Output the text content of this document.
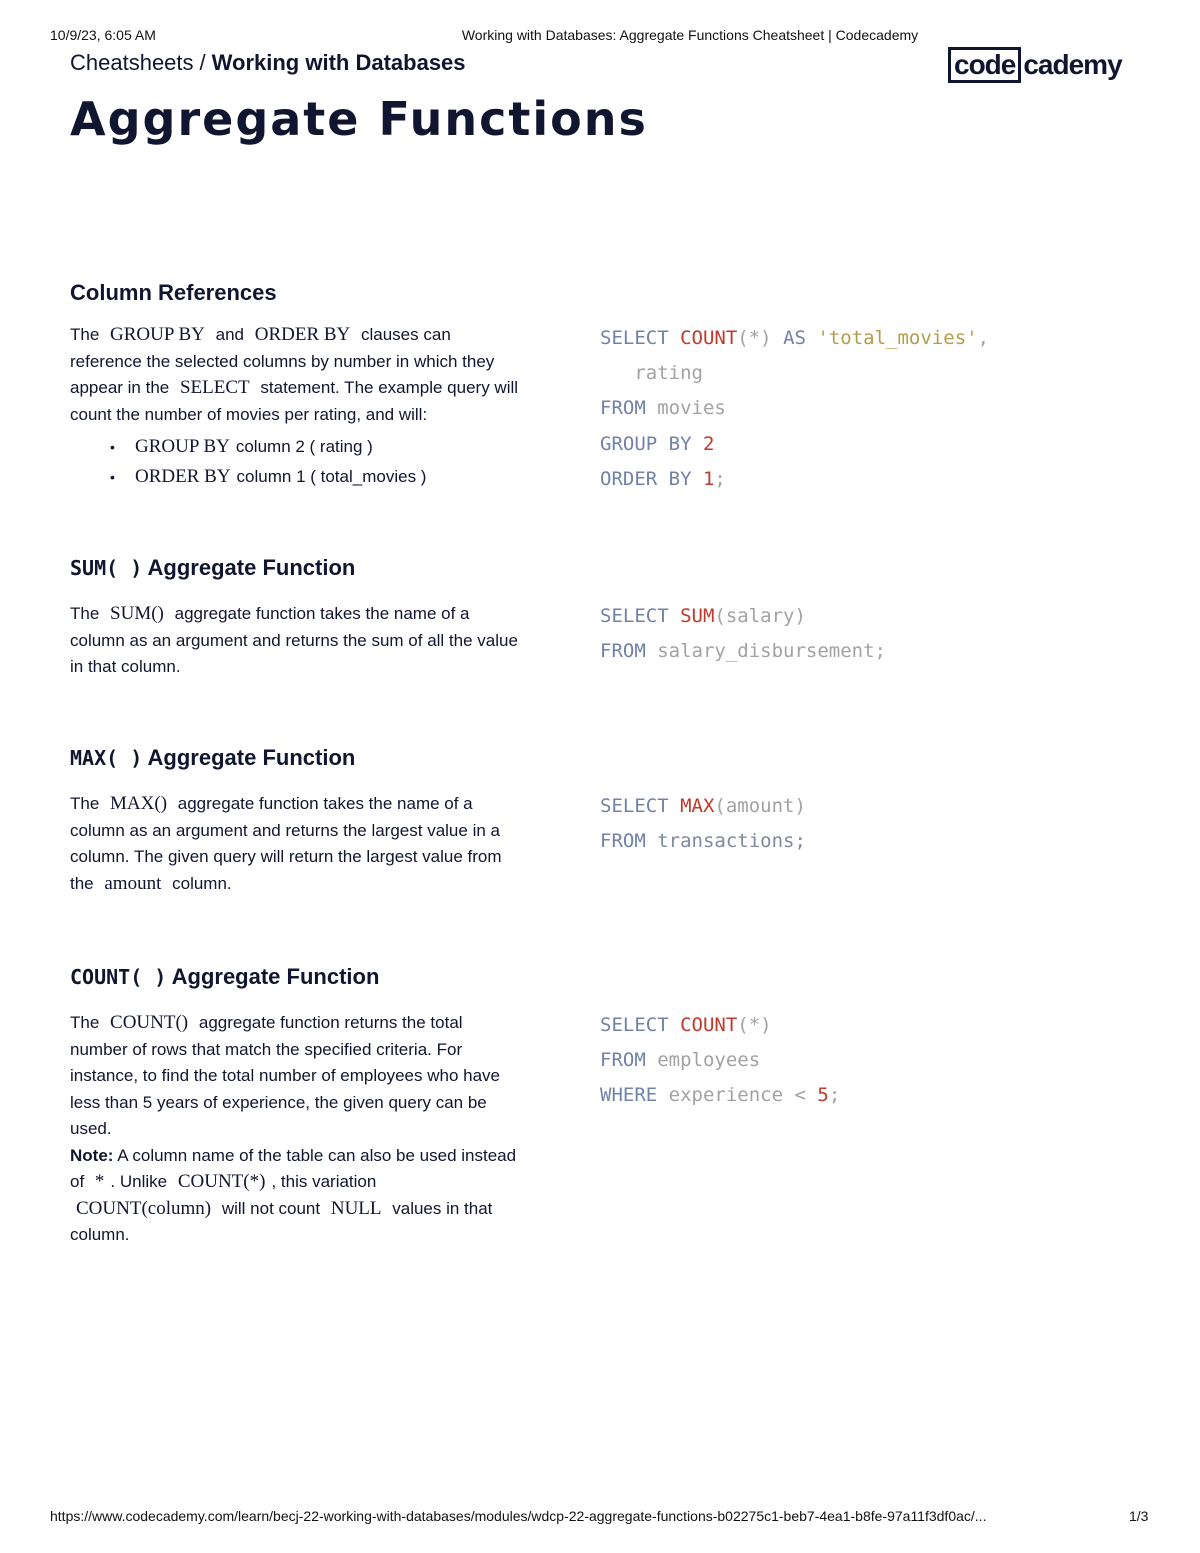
10/9/23, 6:05 AM	Working with Databases: Aggregate Functions Cheatsheet | Codecademy
Cheatsheets / Working with Databases	code cademy
Aggregate Functions
Column References

The GROUP BY and ORDER BY clauses can reference the selected columns by number in which they appear in the SELECT statement. The example query will count the number of movies per rating, and will:

• GROUP BY column 2 ( rating )
• ORDER BY column 1 ( total_movies )
SELECT COUNT(*) AS 'total_movies',
rating
FROM movies
GROUP BY 2
ORDER BY 1;
SUM( ) Aggregate Function

The SUM() aggregate function takes the name of a column as an argument and returns the sum of all the value in that column.

SELECT SUM(salary)
FROM salary_disbursement;
MAX( ) Aggregate Function

The MAX() aggregate function takes the name of a column as an argument and returns the largest value in a column. The given query will return the largest value from the amount column.

SELECT MAX(amount)
FROM transactions;
COUNT( ) Aggregate Function

The COUNT() aggregate function returns the total number of rows that match the specified criteria. For instance, to find the total number of employees who have less than 5 years of experience, the given query can be used.

Note: A column name of the table can also be used instead of * . Unlike COUNT(*) , this variation COUNT(column) will not count NULL values in that column.

SELECT COUNT(*)
FROM employees
WHERE experience < 5;
https://www.codecademy.com/learn/becj-22-working-with-databases/modules/wdcp-22-aggregate-functions-b02275c1-beb7-4ea1-b8fe-97a11f3df0ac/...	1/3
